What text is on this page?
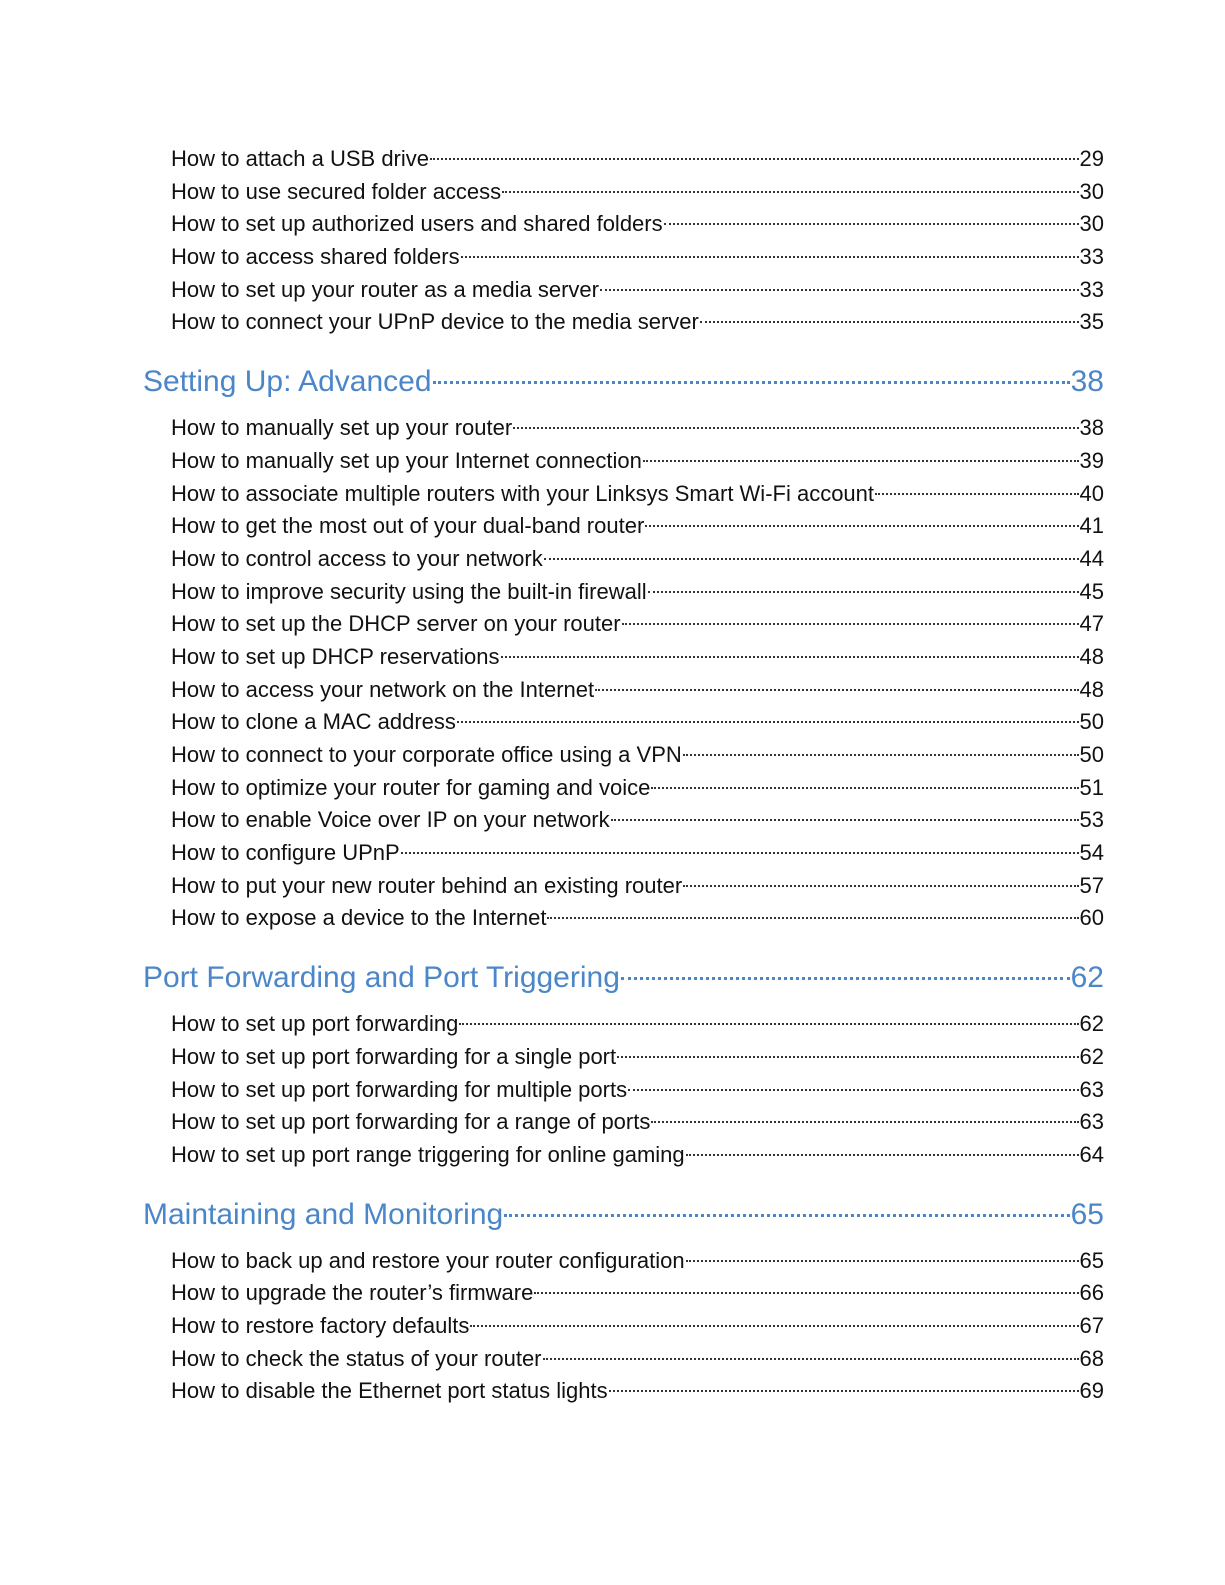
How to attach a USB drive	29
How to use secured folder access	30
How to set up authorized users and shared folders	30
How to access shared folders	33
How to set up your router as a media server	33
How to connect your UPnP device to the media server	35
Setting Up: Advanced	38
How to manually set up your router	38
How to manually set up your Internet connection	39
How to associate multiple routers with your Linksys Smart Wi-Fi account	40
How to get the most out of your dual-band router	41
How to control access to your network	44
How to improve security using the built-in firewall	45
How to set up the DHCP server on your router	47
How to set up DHCP reservations	48
How to access your network on the Internet	48
How to clone a MAC address	50
How to connect to your corporate office using a VPN	50
How to optimize your router for gaming and voice	51
How to enable Voice over IP on your network	53
How to configure UPnP	54
How to put your new router behind an existing router	57
How to expose a device to the Internet	60
Port Forwarding and Port Triggering	62
How to set up port forwarding	62
How to set up port forwarding for a single port	62
How to set up port forwarding for multiple ports	63
How to set up port forwarding for a range of ports	63
How to set up port range triggering for online gaming	64
Maintaining and Monitoring	65
How to back up and restore your router configuration	65
How to upgrade the router’s firmware	66
How to restore factory defaults	67
How to check the status of your router	68
How to disable the Ethernet port status lights	69
